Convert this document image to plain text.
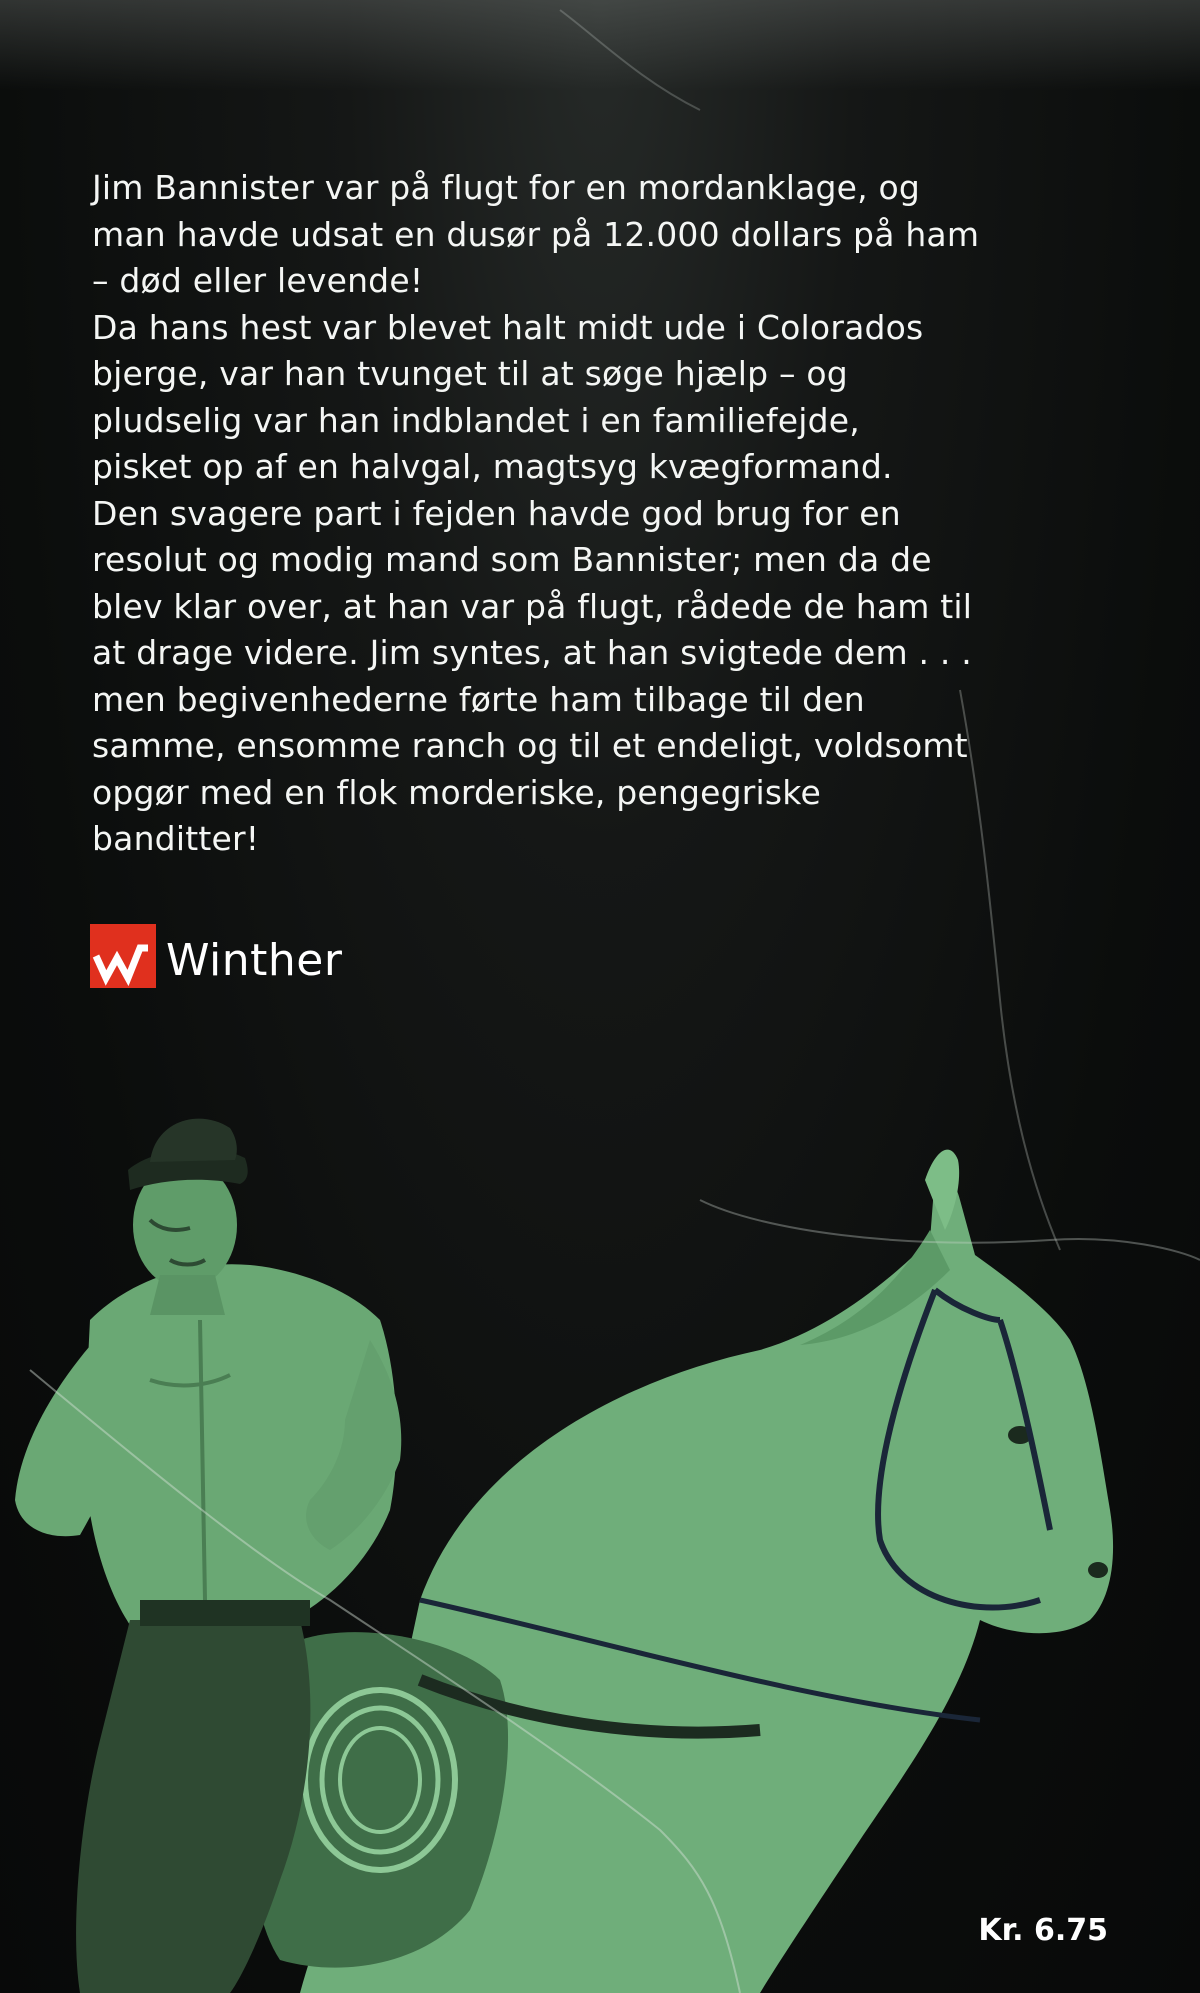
Jim Bannister var på flugt for en mordanklage, og
man havde udsat en dusør på 12.000 dollars på ham
– død eller levende!
Da hans hest var blevet halt midt ude i Colorados
bjerge, var han tvunget til at søge hjælp – og
pludselig var han indblandet i en familiefejde,
pisket op af en halvgal, magtsyg kvægformand.
Den svagere part i fejden havde god brug for en
resolut og modig mand som Bannister; men da de
blev klar over, at han var på flugt, rådede de ham til
at drage videre. Jim syntes, at han svigtede dem . . .
men begivenhederne førte ham tilbage til den
samme, ensomme ranch og til et endeligt, voldsomt
opgør med en flok morderiske, pengegriske
banditter!
Winther
Kr. 6.75
